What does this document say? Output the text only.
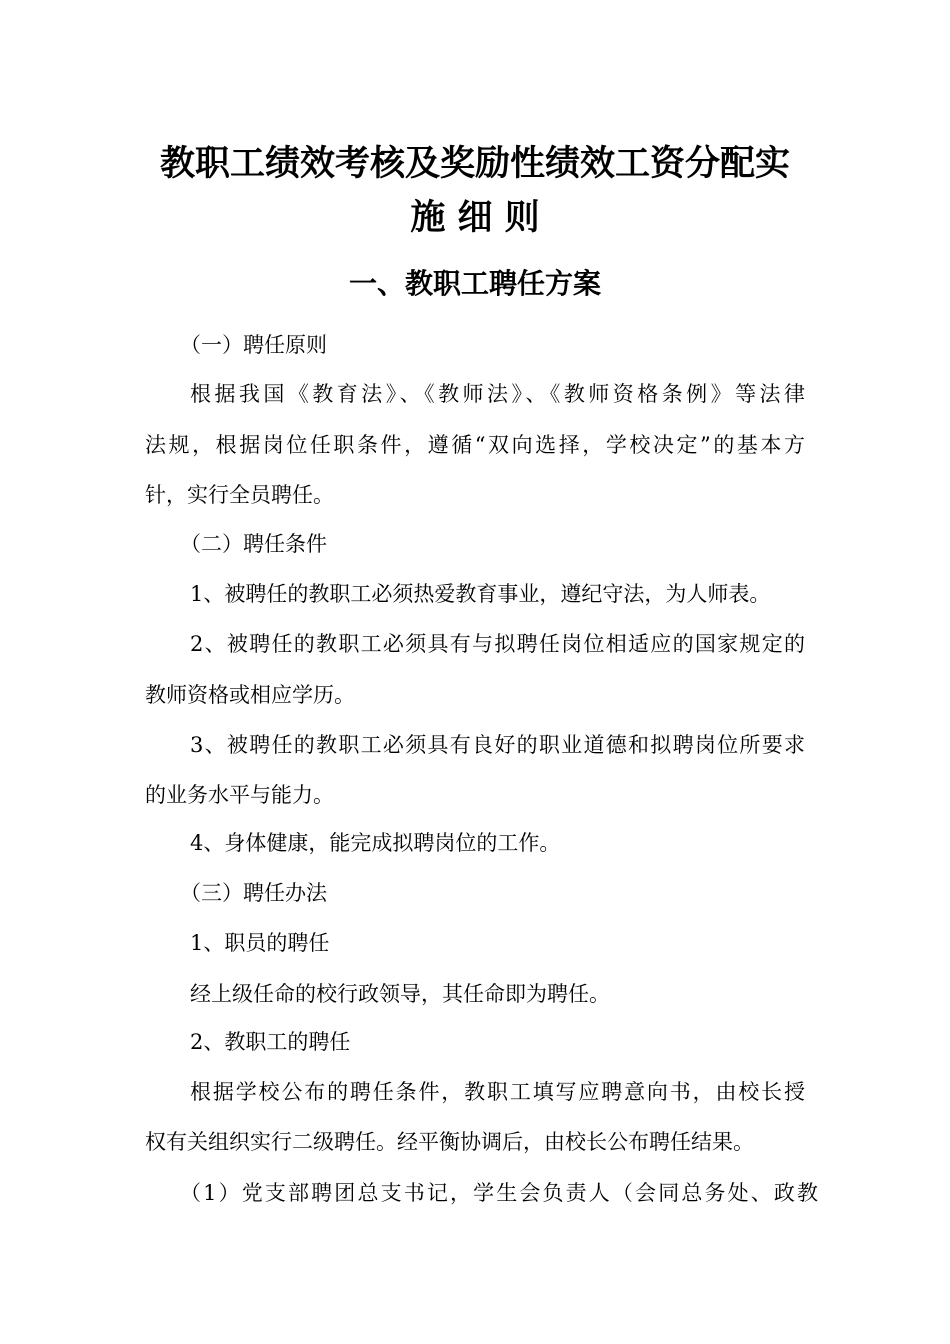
教职工绩效考核及奖励性绩效工资分配实
施 细 则
一、教职工聘任方案
（一）聘任原则
根据我国《教育法》、《教师法》、《教师资格条例》等法律
法规，根据岗位任职条件，遵循“双向选择，学校决定”的基本方
针，实行全员聘任。
（二）聘任条件
1、被聘任的教职工必须热爱教育事业，遵纪守法，为人师表。
2、被聘任的教职工必须具有与拟聘任岗位相适应的国家规定的
教师资格或相应学历。
3、被聘任的教职工必须具有良好的职业道德和拟聘岗位所要求
的业务水平与能力。
4、身体健康，能完成拟聘岗位的工作。
（三）聘任办法
1、职员的聘任
经上级任命的校行政领导，其任命即为聘任。
2、教职工的聘任
根据学校公布的聘任条件，教职工填写应聘意向书，由校长授
权有关组织实行二级聘任。经平衡协调后，由校长公布聘任结果。
（1）党支部聘团总支书记，学生会负责人（会同总务处、政教
